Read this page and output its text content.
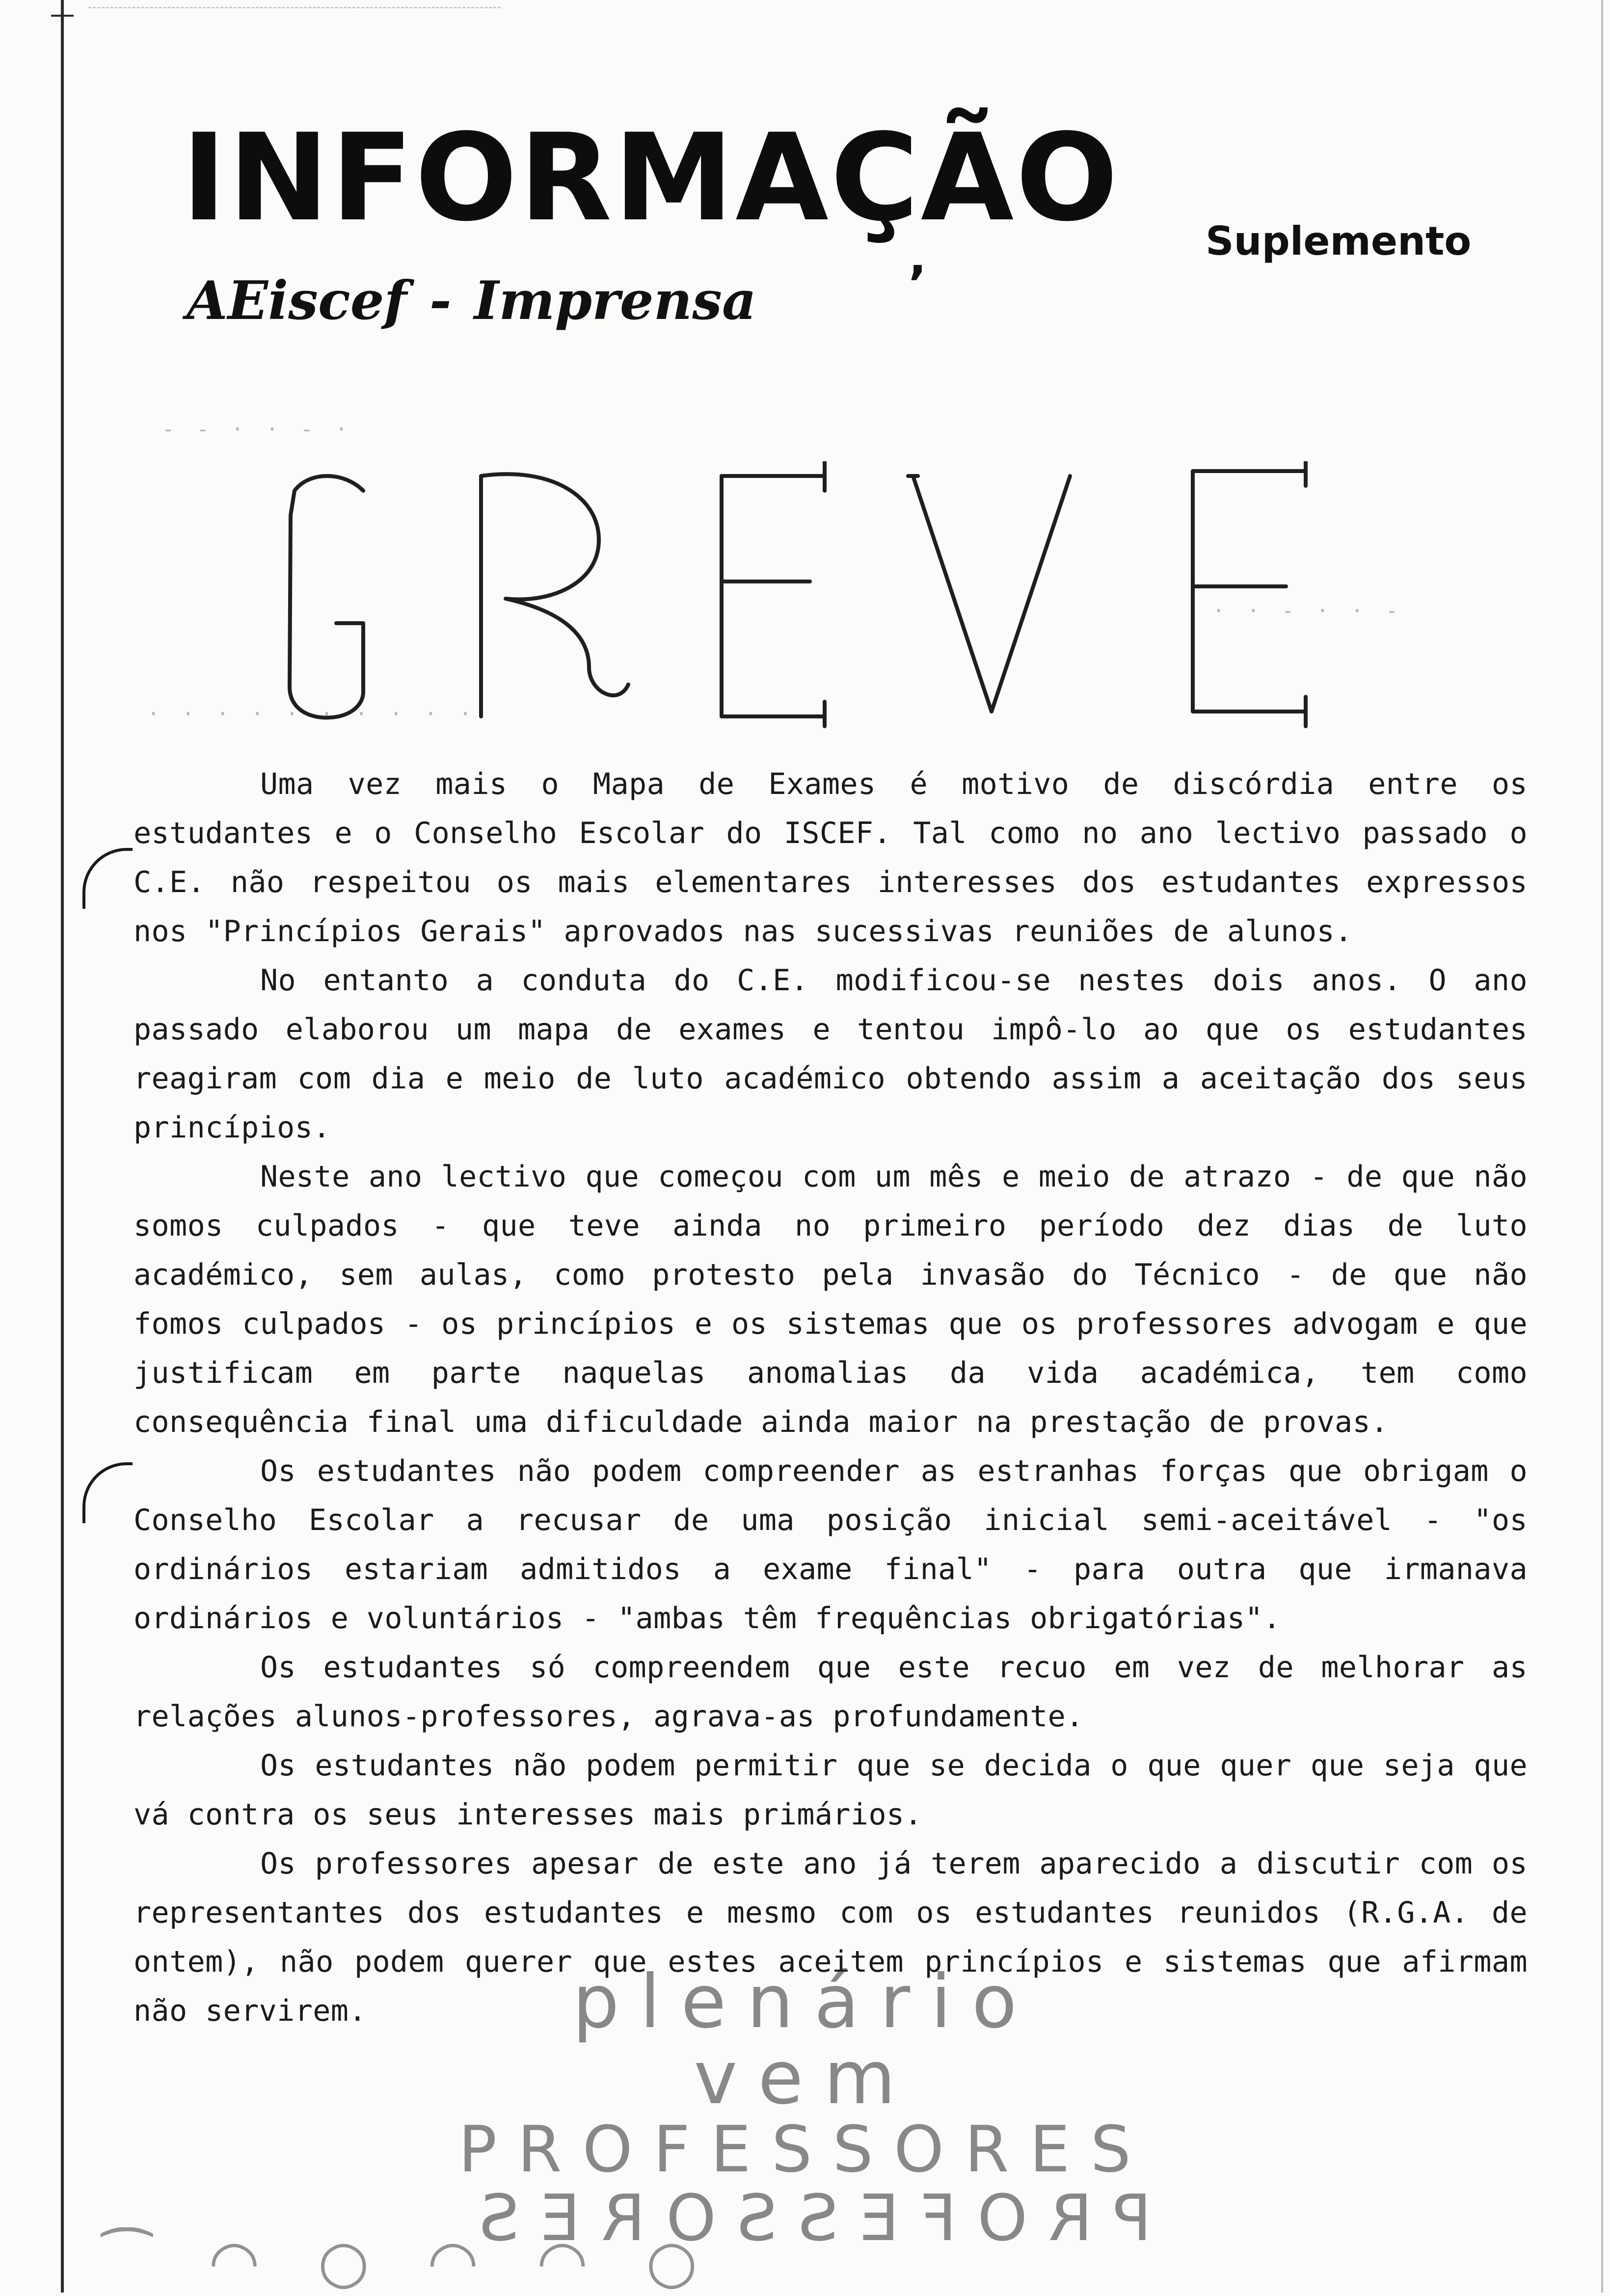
INFORMAÇÃO Suplemento
AEiscef - Imprensa	’
- - · · - ·
· · - · · -
· · · · · · · · · ·

Uma vez mais o Mapa de Exames é motivo de discórdia entre os estudantes e o Conselho Escolar do ISCEF. Tal como no ano lectivo passado o C.E. não respeitou os mais elementares interesses dos estudantes expressos nos "Princípios Gerais" aprovados nas sucessivas reuniões de alunos.

No entanto a conduta do C.E. modificou-se nestes dois anos. O ano passado elaborou um mapa de exames e tentou impô-lo ao que os estudantes reagiram com dia e meio de luto académico obtendo assim a aceitação dos seus princípios.

Neste ano lectivo que começou com um mês e meio de atrazo - de que não somos culpados - que teve ainda no primeiro período dez dias de luto académico, sem aulas, como protesto pela invasão do Técnico - de que não fomos culpados - os princípios e os sistemas que os professores advogam e que justificam em parte naquelas anomalias da vida académica, tem como consequência final uma dificuldade ainda maior na prestação de provas.

Os estudantes não podem compreender as estranhas forças que obrigam o Conselho Escolar a recusar de uma posição inicial semi-aceitável - "os ordinários estariam admitidos a exame final" - para outra que irmanava ordinários e voluntários - "ambas têm frequências obrigatórias".

Os estudantes só compreendem que este recuo em vez de melhorar as relações alunos-professores, agrava-as profundamente.

Os estudantes não podem permitir que se decida o que quer que seja que vá contra os seus interesses mais primários.

Os professores apesar de este ano já terem aparecido a discutir com os representantes dos estudantes e mesmo com os estudantes reunidos (R.G.A. de ontem), não podem querer que estes aceitem princípios e sistemas que afirmam não servirem.	plenário
vem
PROFESSORES
PROFESSORES
⁀ ◠ ○ ◠ ◠ ○
